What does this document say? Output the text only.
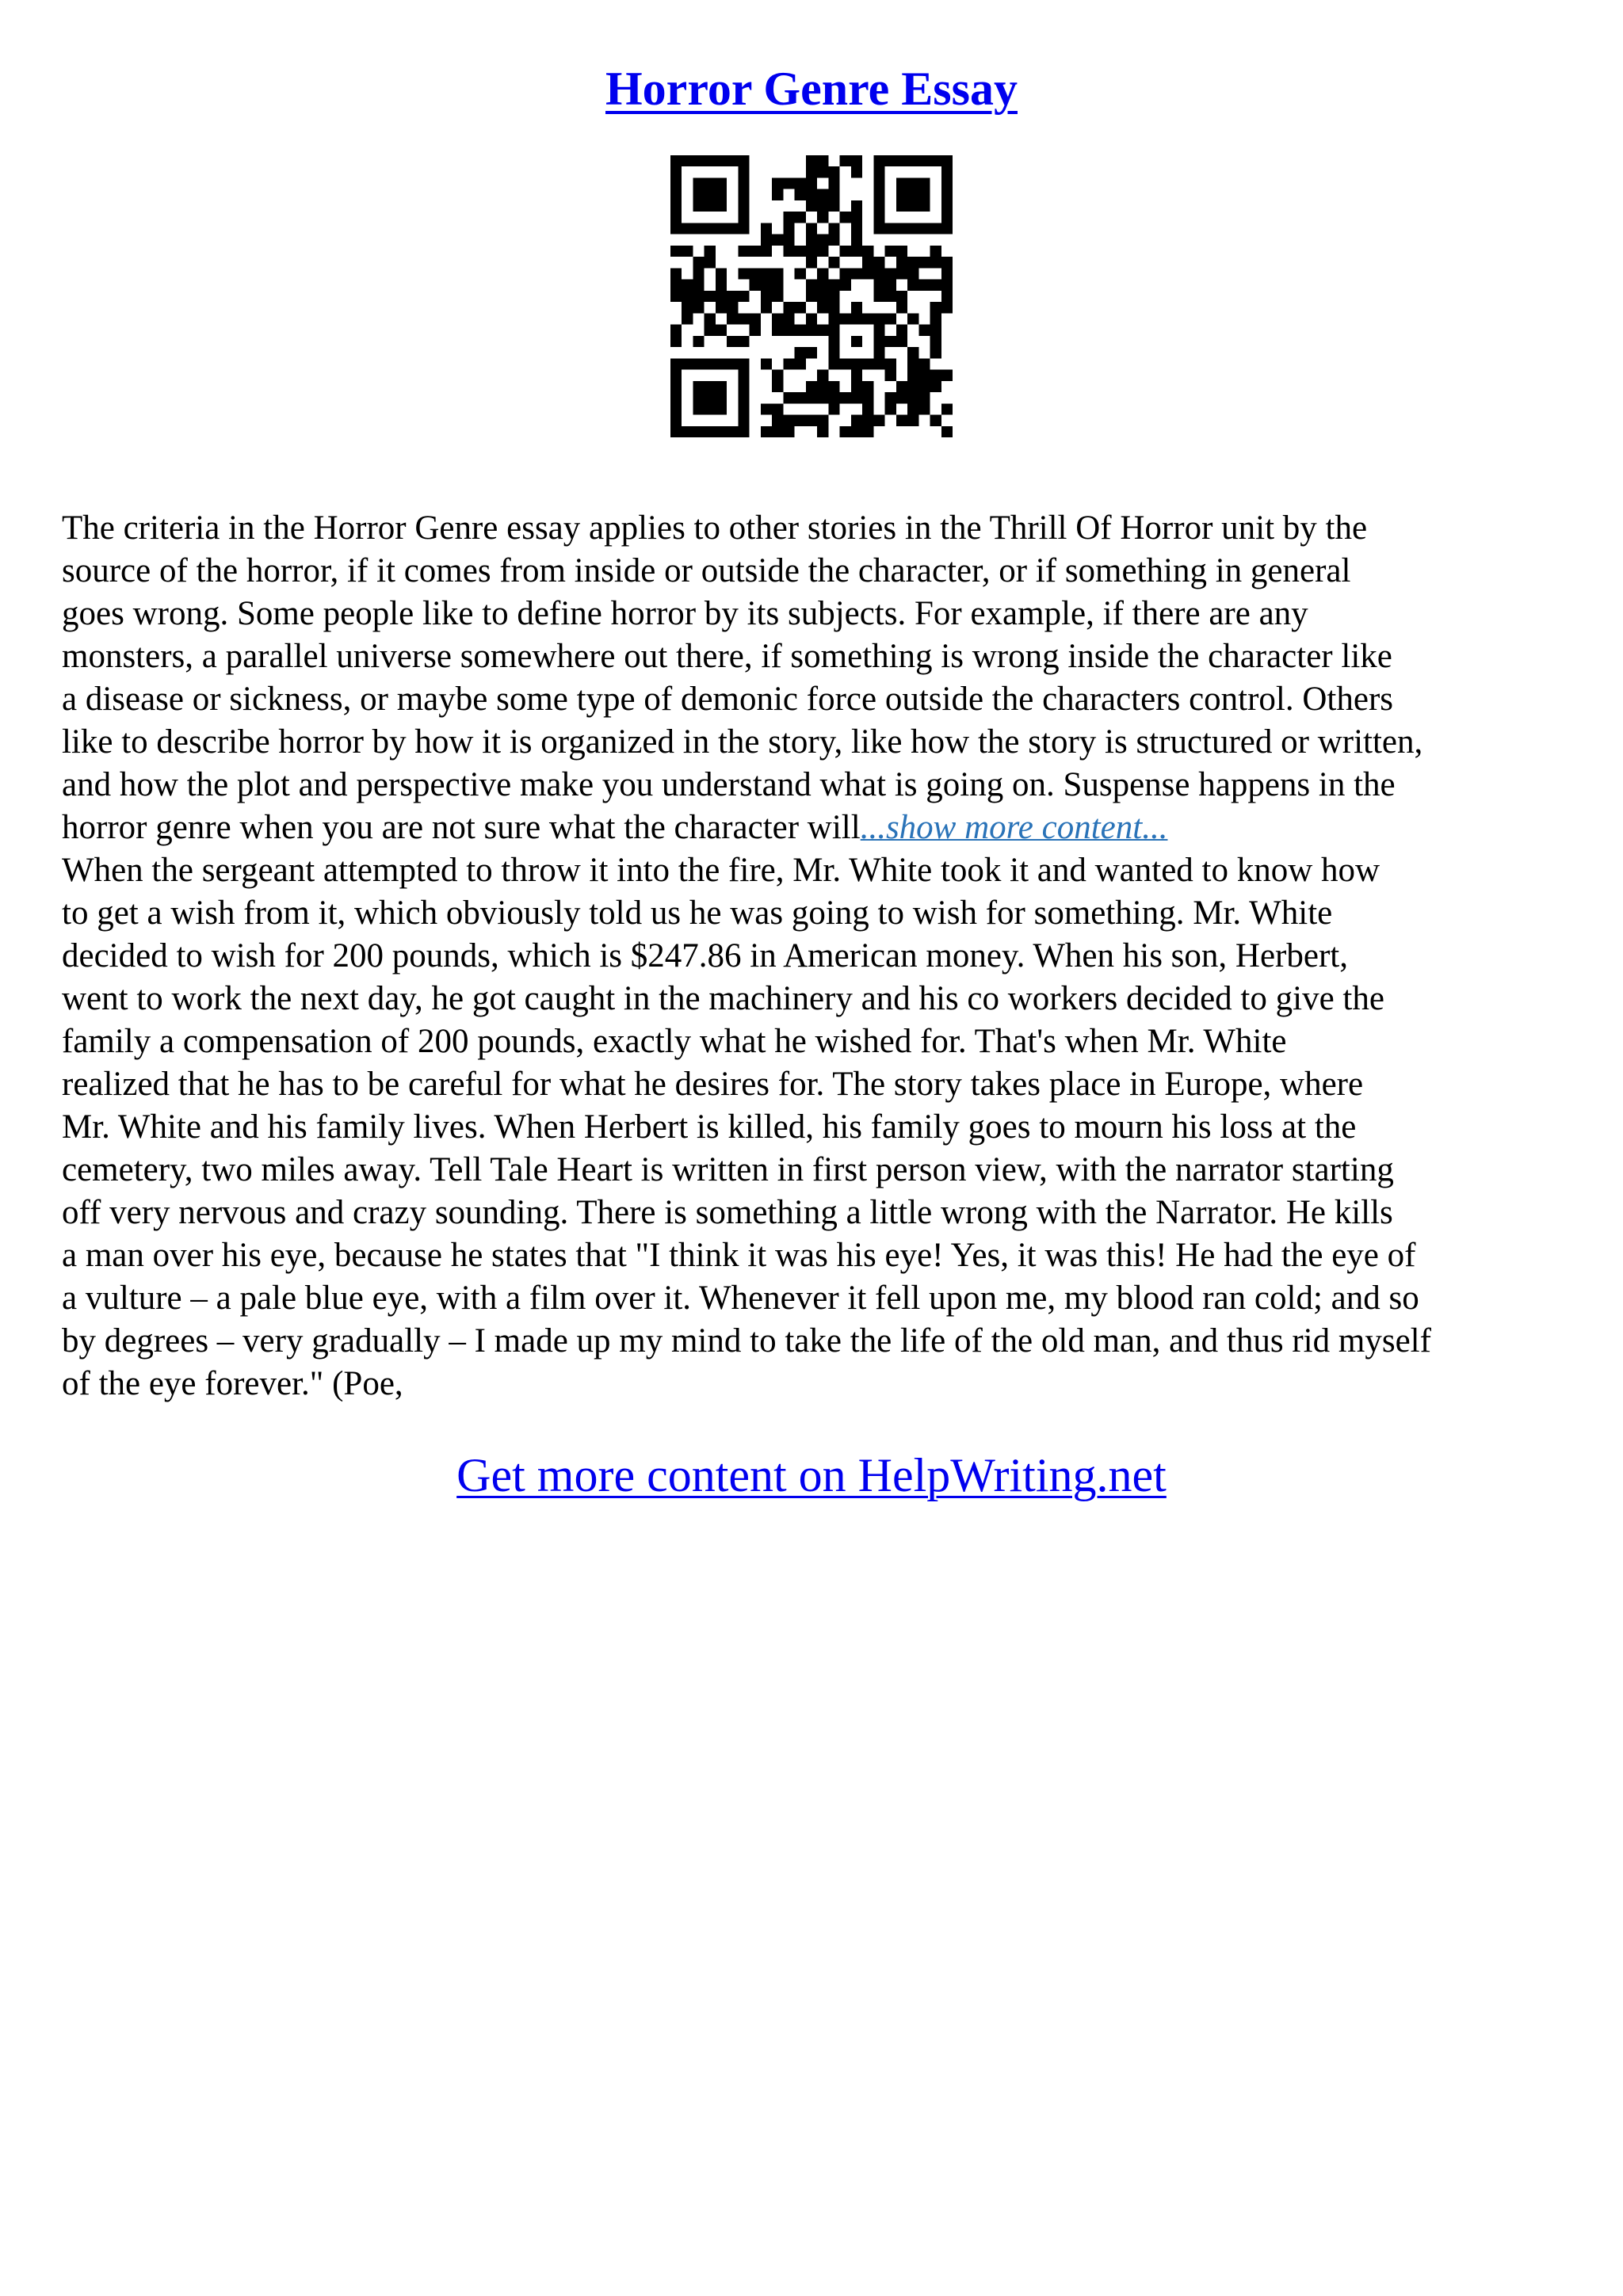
Horror Genre Essay

The criteria in the Horror Genre essay applies to other stories in the Thrill Of Horror unit by the
source of the horror, if it comes from inside or outside the character, or if something in general
goes wrong. Some people like to define horror by its subjects. For example, if there are any
monsters, a parallel universe somewhere out there, if something is wrong inside the character like
a disease or sickness, or maybe some type of demonic force outside the characters control. Others
like to describe horror by how it is organized in the story, like how the story is structured or written,
and how the plot and perspective make you understand what is going on. Suspense happens in the
horror genre when you are not sure what the character will...show more content...
When the sergeant attempted to throw it into the fire, Mr. White took it and wanted to know how
to get a wish from it, which obviously told us he was going to wish for something. Mr. White
decided to wish for 200 pounds, which is $247.86 in American money. When his son, Herbert,
went to work the next day, he got caught in the machinery and his co workers decided to give the
family a compensation of 200 pounds, exactly what he wished for. That's when Mr. White
realized that he has to be careful for what he desires for. The story takes place in Europe, where
Mr. White and his family lives. When Herbert is killed, his family goes to mourn his loss at the
cemetery, two miles away. Tell Tale Heart is written in first person view, with the narrator starting
off very nervous and crazy sounding. There is something a little wrong with the Narrator. He kills
a man over his eye, because he states that "I think it was his eye! Yes, it was this! He had the eye of
a vulture – a pale blue eye, with a film over it. Whenever it fell upon me, my blood ran cold; and so
by degrees – very gradually – I made up my mind to take the life of the old man, and thus rid myself
of the eye forever." (Poe,

Get more content on HelpWriting.net
